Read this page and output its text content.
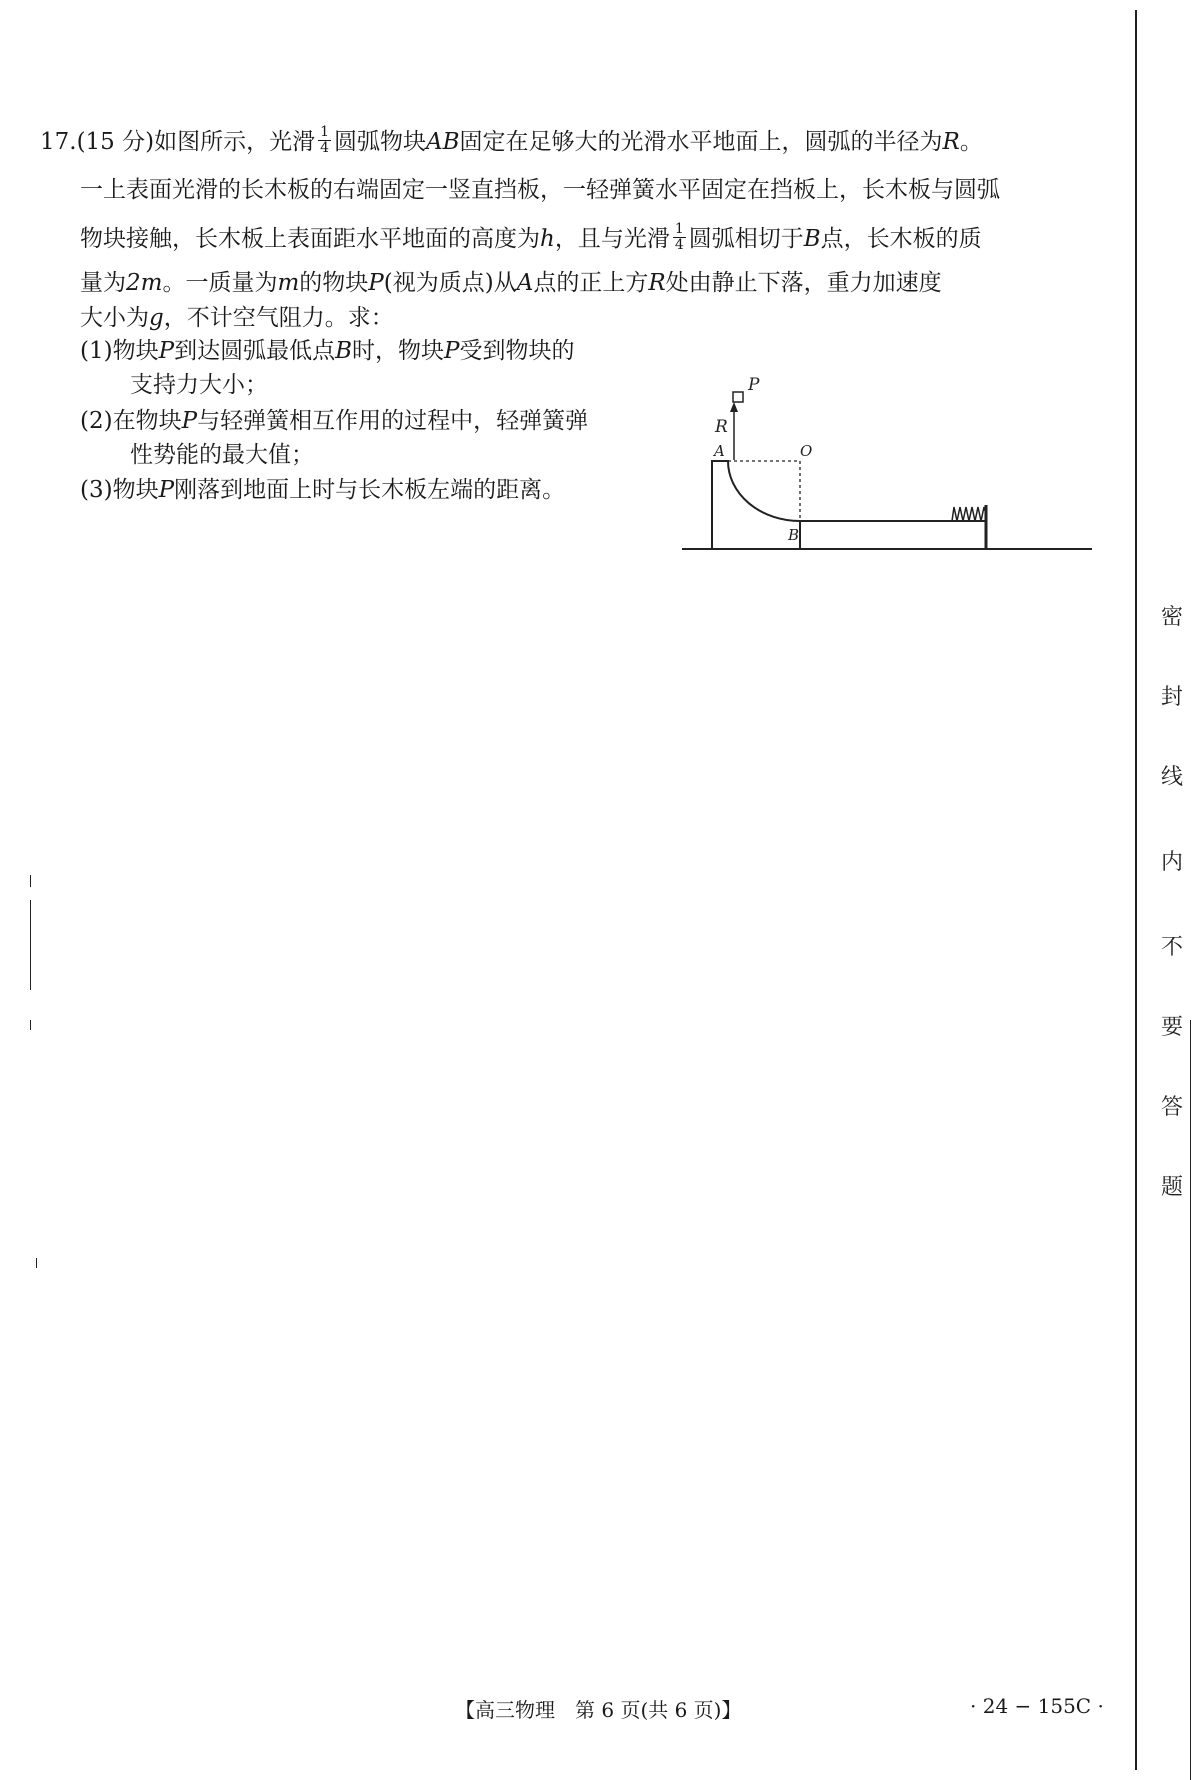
17.(15 分)如图所示，光滑 $\frac{1}{4}$ 圆弧物块AB固定在足够大的光滑水平地面上，圆弧的半径为R。
一上表面光滑的长木板的右端固定一竖直挡板，一轻弹簧水平固定在挡板上，长木板与圆弧
物块接触，长木板上表面距水平地面的高度为h，且与光滑 $\frac{1}{4}$ 圆弧相切于B点，长木板的质
量为2m。一质量为m的物块P(视为质点)从A点的正上方R处由静止下落，重力加速度
大小为g，不计空气阻力。求：
(1)物块P到达圆弧最低点B时，物块P受到物块的
支持力大小；
(2)在物块P与轻弹簧相互作用的过程中，轻弹簧弹
性势能的最大值；
(3)物块P刚落到地面上时与长木板左端的距离。
P
R
A	O
B
密
封
线
内
不
要
答
题
【高三物理　第 6 页(共 6 页)】	· 24 − 155C ·
